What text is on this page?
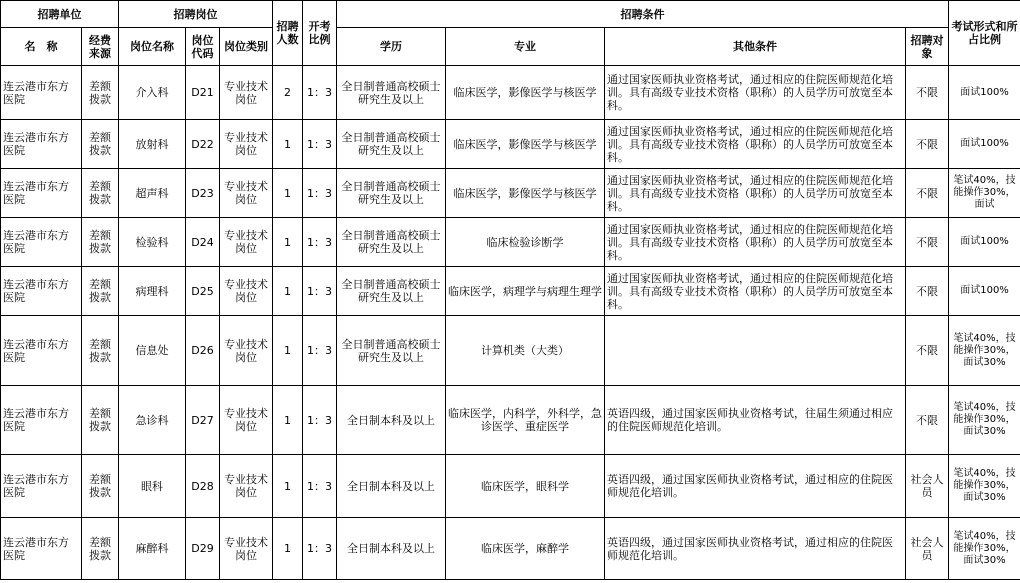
招聘单位		招聘岗位			招聘人数	开考比例	招聘条件				考试形式和所占比例
名　称	经费来源	岗位名称	岗位代码	岗位类别			学历	专业	其他条件	招聘对象	
连云港市东方医院	差额拨款	介入科	D21	专业技术岗位	2	1：3	全日制普通高校硕士研究生及以上	临床医学，影像医学与核医学	通过国家医师执业资格考试，通过相应的住院医师规范化培训。具有高级专业技术资格（职称）的人员学历可放宽至本科。	不限	面试100%
连云港市东方医院	差额拨款	放射科	D22	专业技术岗位	1	1：3	全日制普通高校硕士研究生及以上	临床医学，影像医学与核医学	通过国家医师执业资格考试，通过相应的住院医师规范化培训。具有高级专业技术资格（职称）的人员学历可放宽至本科。	不限	面试100%
连云港市东方医院	差额拨款	超声科	D23	专业技术岗位	1	1：3	全日制普通高校硕士研究生及以上	临床医学，影像医学与核医学	通过国家医师执业资格考试，通过相应的住院医师规范化培训。具有高级专业技术资格（职称）的人员学历可放宽至本科。	不限	笔试40%，技能操作30%，面试
连云港市东方医院	差额拨款	检验科	D24	专业技术岗位	1	1：3	全日制普通高校硕士研究生及以上	临床检验诊断学	通过国家医师执业资格考试，通过相应的住院医师规范化培训。具有高级专业技术资格（职称）的人员学历可放宽至本科。	不限	面试100%
连云港市东方医院	差额拨款	病理科	D25	专业技术岗位	1	1：3	全日制普通高校硕士研究生及以上	临床医学，病理学与病理生理学	通过国家医师执业资格考试，通过相应的住院医师规范化培训。具有高级专业技术资格（职称）的人员学历可放宽至本科。	不限	面试100%
连云港市东方医院	差额拨款	信息处	D26	专业技术岗位	1	1：3	全日制普通高校硕士研究生及以上	计算机类（大类）		不限	笔试40%，技能操作30%，面试30%
连云港市东方医院	差额拨款	急诊科	D27	专业技术岗位	1	1：3	全日制本科及以上	临床医学，内科学，外科学，急诊医学、重症医学	英语四级，通过国家医师执业资格考试，往届生须通过相应的住院医师规范化培训。	不限	笔试40%，技能操作30%，面试30%
连云港市东方医院	差额拨款	眼科	D28	专业技术岗位	1	1：3	全日制本科及以上	临床医学，眼科学	英语四级，通过国家医师执业资格考试，通过相应的住院医师规范化培训。	社会人员	笔试40%，技能操作30%，面试30%
连云港市东方医院	差额拨款	麻醉科	D29	专业技术岗位	1	1：3	全日制本科及以上	临床医学，麻醉学	英语四级，通过国家医师执业资格考试，通过相应的住院医师规范化培训。	社会人员	笔试40%，技能操作30%，面试30%
